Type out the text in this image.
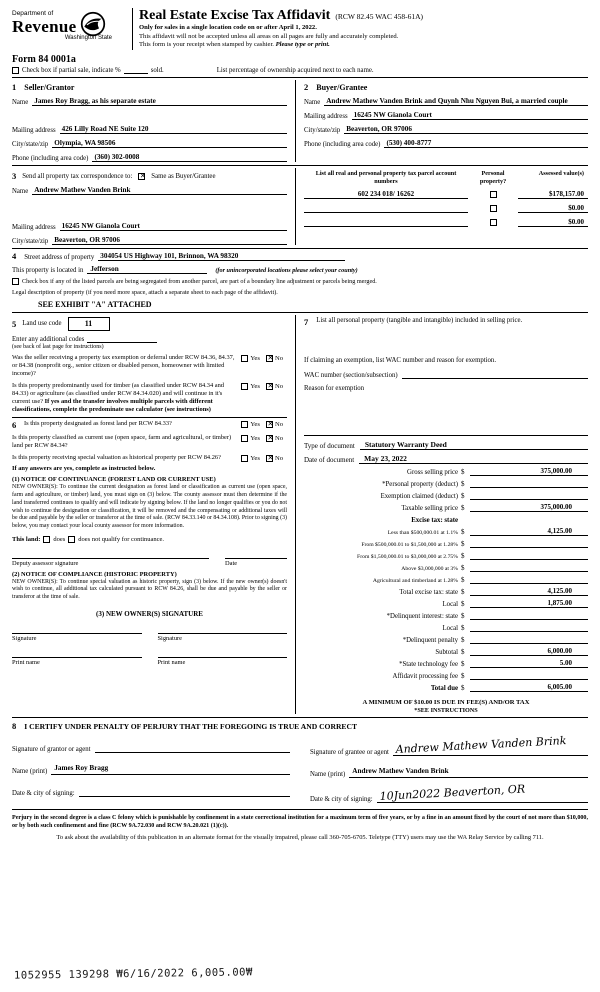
Department of
Revenue
Washington State
Real Estate Excise Tax Affidavit (RCW 82.45 WAC 458-61A)
Only for sales in a single location code on or after April 1, 2022.
This affidavit will not be accepted unless all areas on all pages are fully and accurately completed.
This form is your receipt when stamped by cashier. Please type or print.
Form 84 0001a
Check box if partial sale, indicate %	sold.	List percentage of ownership acquired next to each name.
1 Seller/Grantor
Name James Roy Bragg, as his separate estate
Mailing address 426 Lilly Road NE Suite 120
City/state/zip Olympia, WA 98506
Phone (including area code) (360) 302-0008
2 Buyer/Grantee
Name Andrew Mathew Vanden Brink and Quynh Nhu Nguyen Bui, a married couple
Mailing address 16245 NW Gianola Court
City/state/zip Beaverton, OR 97006
Phone (including area code) (530) 400-8777
3 Send all property tax correspondence to: ✕	Same as Buyer/Grantee
Name Andrew Mathew Vanden Brink
Mailing address 16245 NW Gianola Court
City/state/zip Beaverton, OR 97006
List all real and personal property tax parcel account numbers
Personal property?
Assessed value(s)
602 234 018/ 16262	$178,157.00
$0.00
$0.00
4	Street address of property 304054 US Highway 101, Brinnon, WA 98320
This property is located in Jefferson	(for unincorporated locations please select your county)
Check box if any of the listed parcels are being segregated from another parcel, are part of a boundary line adjustment or parcels being merged.
Legal description of property (if you need more space, attach a separate sheet to each page of the affidavit).
SEE EXHIBIT "A" ATTACHED
5 Land use code	11
Enter any additional codes
(see back of last page for instructions)
Was the seller receiving a property tax exemption or deferral under RCW 84.36, 84.37, or 84.38 (nonprofit org., senior citizen or disabled person, homeowner with limited income)?
Yes ✕ No
Is this property predominantly used for timber (as classified under RCW 84.34 and 84.33) or agriculture (as classified under RCW 84.34.020) and will continue in it's current use? If yes and the transfer involves multiple parcels with different classifications, complete the predominate use calculator (see instructions)
Yes ✕ No
6	Is this property designated as forest land per RCW 84.33?	Yes ✕ No
Is this property classified as current use (open space, farm and agricultural, or timber) land per RCW 84.34?
Yes ✕ No
Is this property receiving special valuation as historical property per RCW 84.26?	Yes ✕ No
If any answers are yes, complete as instructed below.
(1) NOTICE OF CONTINUANCE (FOREST LAND OR CURRENT USE)
NEW OWNER(S): To continue the current designation as forest land or classification as current use (open space, farm and agriculture, or timber) land, you must sign on (3) below. The county assessor must then determine if the land transferred continues to qualify and will indicate by signing below. If the land no longer qualifies or you do not wish to continue the designation or classification, it will be removed and the compensating or additional taxes will be due and payable by the seller or transferor at the time of sale. (RCW 84.33.140 or 84.34.108). Prior to signing (3) below, you may contact your local county assessor for more information.
This land: does does not qualify for continuance.
Deputy assessor signature	Date
(2) NOTICE OF COMPLIANCE (HISTORIC PROPERTY)
NEW OWNER(S): To continue special valuation as historic property, sign (3) below. If the new owner(s) doesn't wish to continue, all additional tax calculated pursuant to RCW 84.26, shall be due and payable by the seller or transferor at the time of sale.
(3) NEW OWNER(S) SIGNATURE
Signature	Signature
Print name	Print name
7 List all personal property (tangible and intangible) included in selling price.
If claiming an exemption, list WAC number and reason for exemption.
WAC number (section/subsection)
Reason for exemption
Type of document	Statutory Warranty Deed
Date of document	May 23, 2022
Gross selling price $	375,000.00
*Personal property (deduct) $
Exemption claimed (deduct) $
Taxable selling price $	375,000.00
Excise tax: state
Less than $500,000.01 at 1.1% $	4,125.00
From $500,000.01 to $1,500,000 at 1.28% $
From $1,500,000.01 to $3,000,000 at 2.75% $
Above $3,000,000 at 3% $
Agricultural and timberland at 1.28% $
Total excise tax: state $	4,125.00
Local $	1,875.00
*Delinquent interest: state $
Local $
*Delinquent penalty $
Subtotal $	6,000.00
*State technology fee $	5.00
Affidavit processing fee $
Total due $	6,005.00
A MINIMUM OF $10.00 IS DUE IN FEE(S) AND/OR TAX
*SEE INSTRUCTIONS
8 I CERTIFY UNDER PENALTY OF PERJURY THAT THE FOREGOING IS TRUE AND CORRECT
Signature of grantor or agent
Name (print) James Roy Bragg
Date & city of signing:
Signature of grantee or agent Andrew Mathew Vanden Brink
Name (print) Andrew Mathew Vanden Brink
Date & city of signing: 10Jun2022 Beaverton, OR
Perjury in the second degree is a class C felony which is punishable by confinement in a state correctional institution for a maximum term of five years, or by a fine in an amount fixed by the court of not more than $10,000, or by both such confinement and fine (RCW 9A.72.030 and RCW 9A.20.021 (1)(c)).
To ask about the availability of this publication in an alternate format for the visually impaired, please call 360-705-6705. Teletype (TTY) users may use the WA Relay Service by calling 711.
1052955 139298 ₩6/16/2022 6,005.00₩
